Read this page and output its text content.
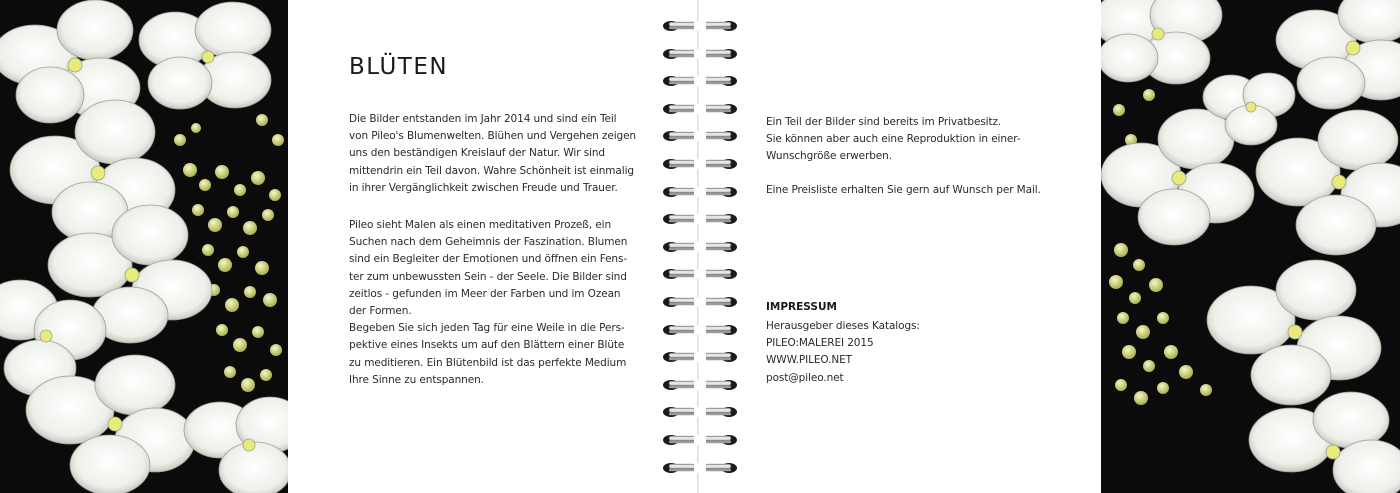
BLÜTEN

Die Bilder entstanden im Jahr 2014 und sind ein Teil
von Pileo's Blumenwelten. Blühen und Vergehen zeigen
uns den beständigen Kreislauf der Natur. Wir sind
mittendrin ein Teil davon. Wahre Schönheit ist einmalig
in ihrer Vergänglichkeit zwischen Freude und Trauer.

Pileo sieht Malen als einen meditativen Prozeß, ein
Suchen nach dem Geheimnis der Faszination. Blumen
sind ein Begleiter der Emotionen und öffnen ein Fens-
ter zum unbewussten Sein - der Seele. Die Bilder sind
zeitlos - gefunden im Meer der Farben und im Ozean
der Formen.
Begeben Sie sich jeden Tag für eine Weile in die Pers-
pektive eines Insekts um auf den Blättern einer Blüte
zu meditieren. Ein Blütenbild ist das perfekte Medium
Ihre Sinne zu entspannen.

Ein Teil der Bilder sind bereits im Privatbesitz.
Sie können aber auch eine Reproduktion in einer-
Wunschgröße erwerben.

Eine Preisliste erhalten Sie gern auf Wunsch per Mail.

IMPRESSUM

Herausgeber dieses Katalogs:
PILEO:MALEREI 2015
WWW.PILEO.NET
post@pileo.net
